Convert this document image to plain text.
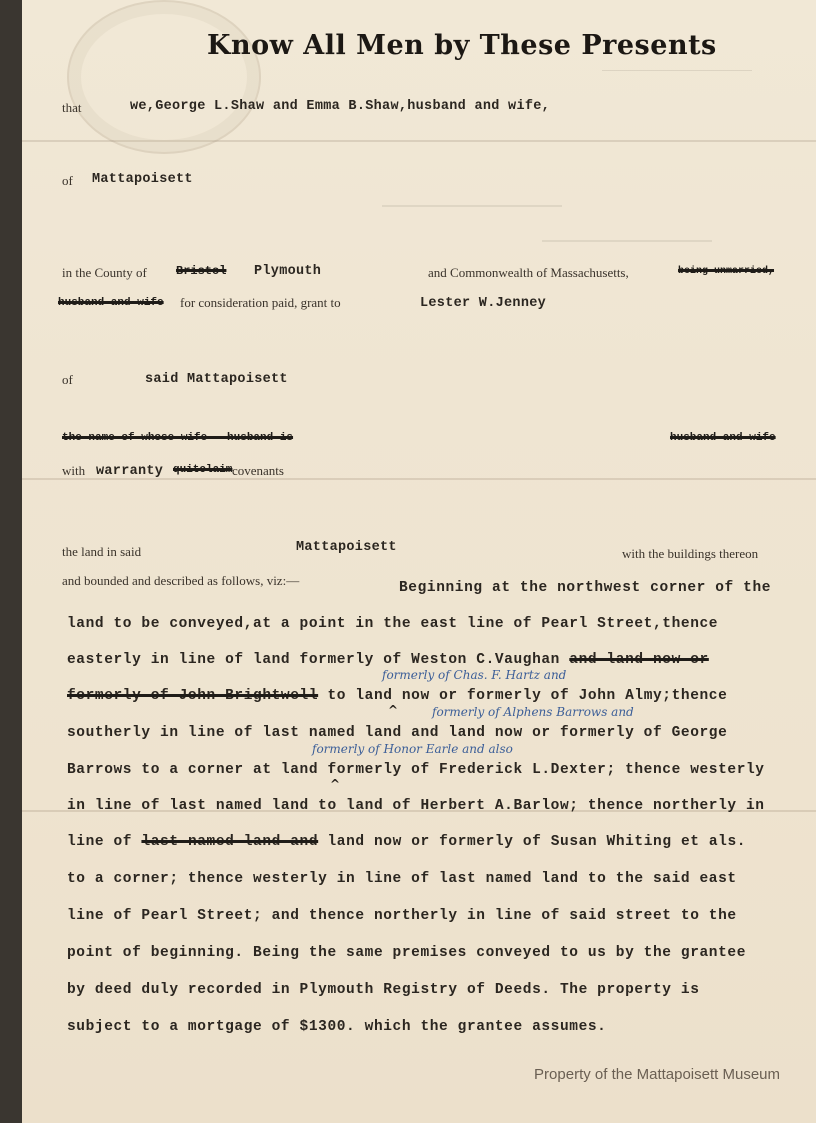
Know All Men by These Presents
that	we,George L.Shaw and Emma B.Shaw,husband and wife,
of Mattapoisett
in the County of Bristol Plymouth	and Commonwealth of Massachusetts,	being unmarried,
husband and wife for consideration paid, grant to	Lester W.Jenney
of	said Mattapoisett
the name of whose wife - husband is	husband and wife
with warranty quitclaim covenants
the land in said	Mattapoisett	with the buildings thereon
and bounded and described as follows, viz:—	Beginning at the northwest corner of the
land to be conveyed,at a point in the east line of Pearl Street,thence
easterly in line of land formerly of Weston C.Vaughan and land now or
formerly of Chas. F. Hartz and
formerly of John Brightwell to land now or formerly of John Almy;thence
^	formerly of Alphens Barrows and
southerly in line of last named land and land now or formerly of George
formerly of Honor Earle and also
Barrows to a corner at land formerly of Frederick L.Dexter; thence westerly
^
in line of last named land to land of Herbert A.Barlow; thence northerly in
line of last named land and land now or formerly of Susan Whiting et als.
to a corner; thence westerly in line of last named land to the said east
line of Pearl Street; and thence northerly in line of said street to the
point of beginning. Being the same premises conveyed to us by the grantee
by deed duly recorded in Plymouth Registry of Deeds. The property is
subject to a mortgage of $1300. which the grantee assumes.
Property of the Mattapoisett Museum
